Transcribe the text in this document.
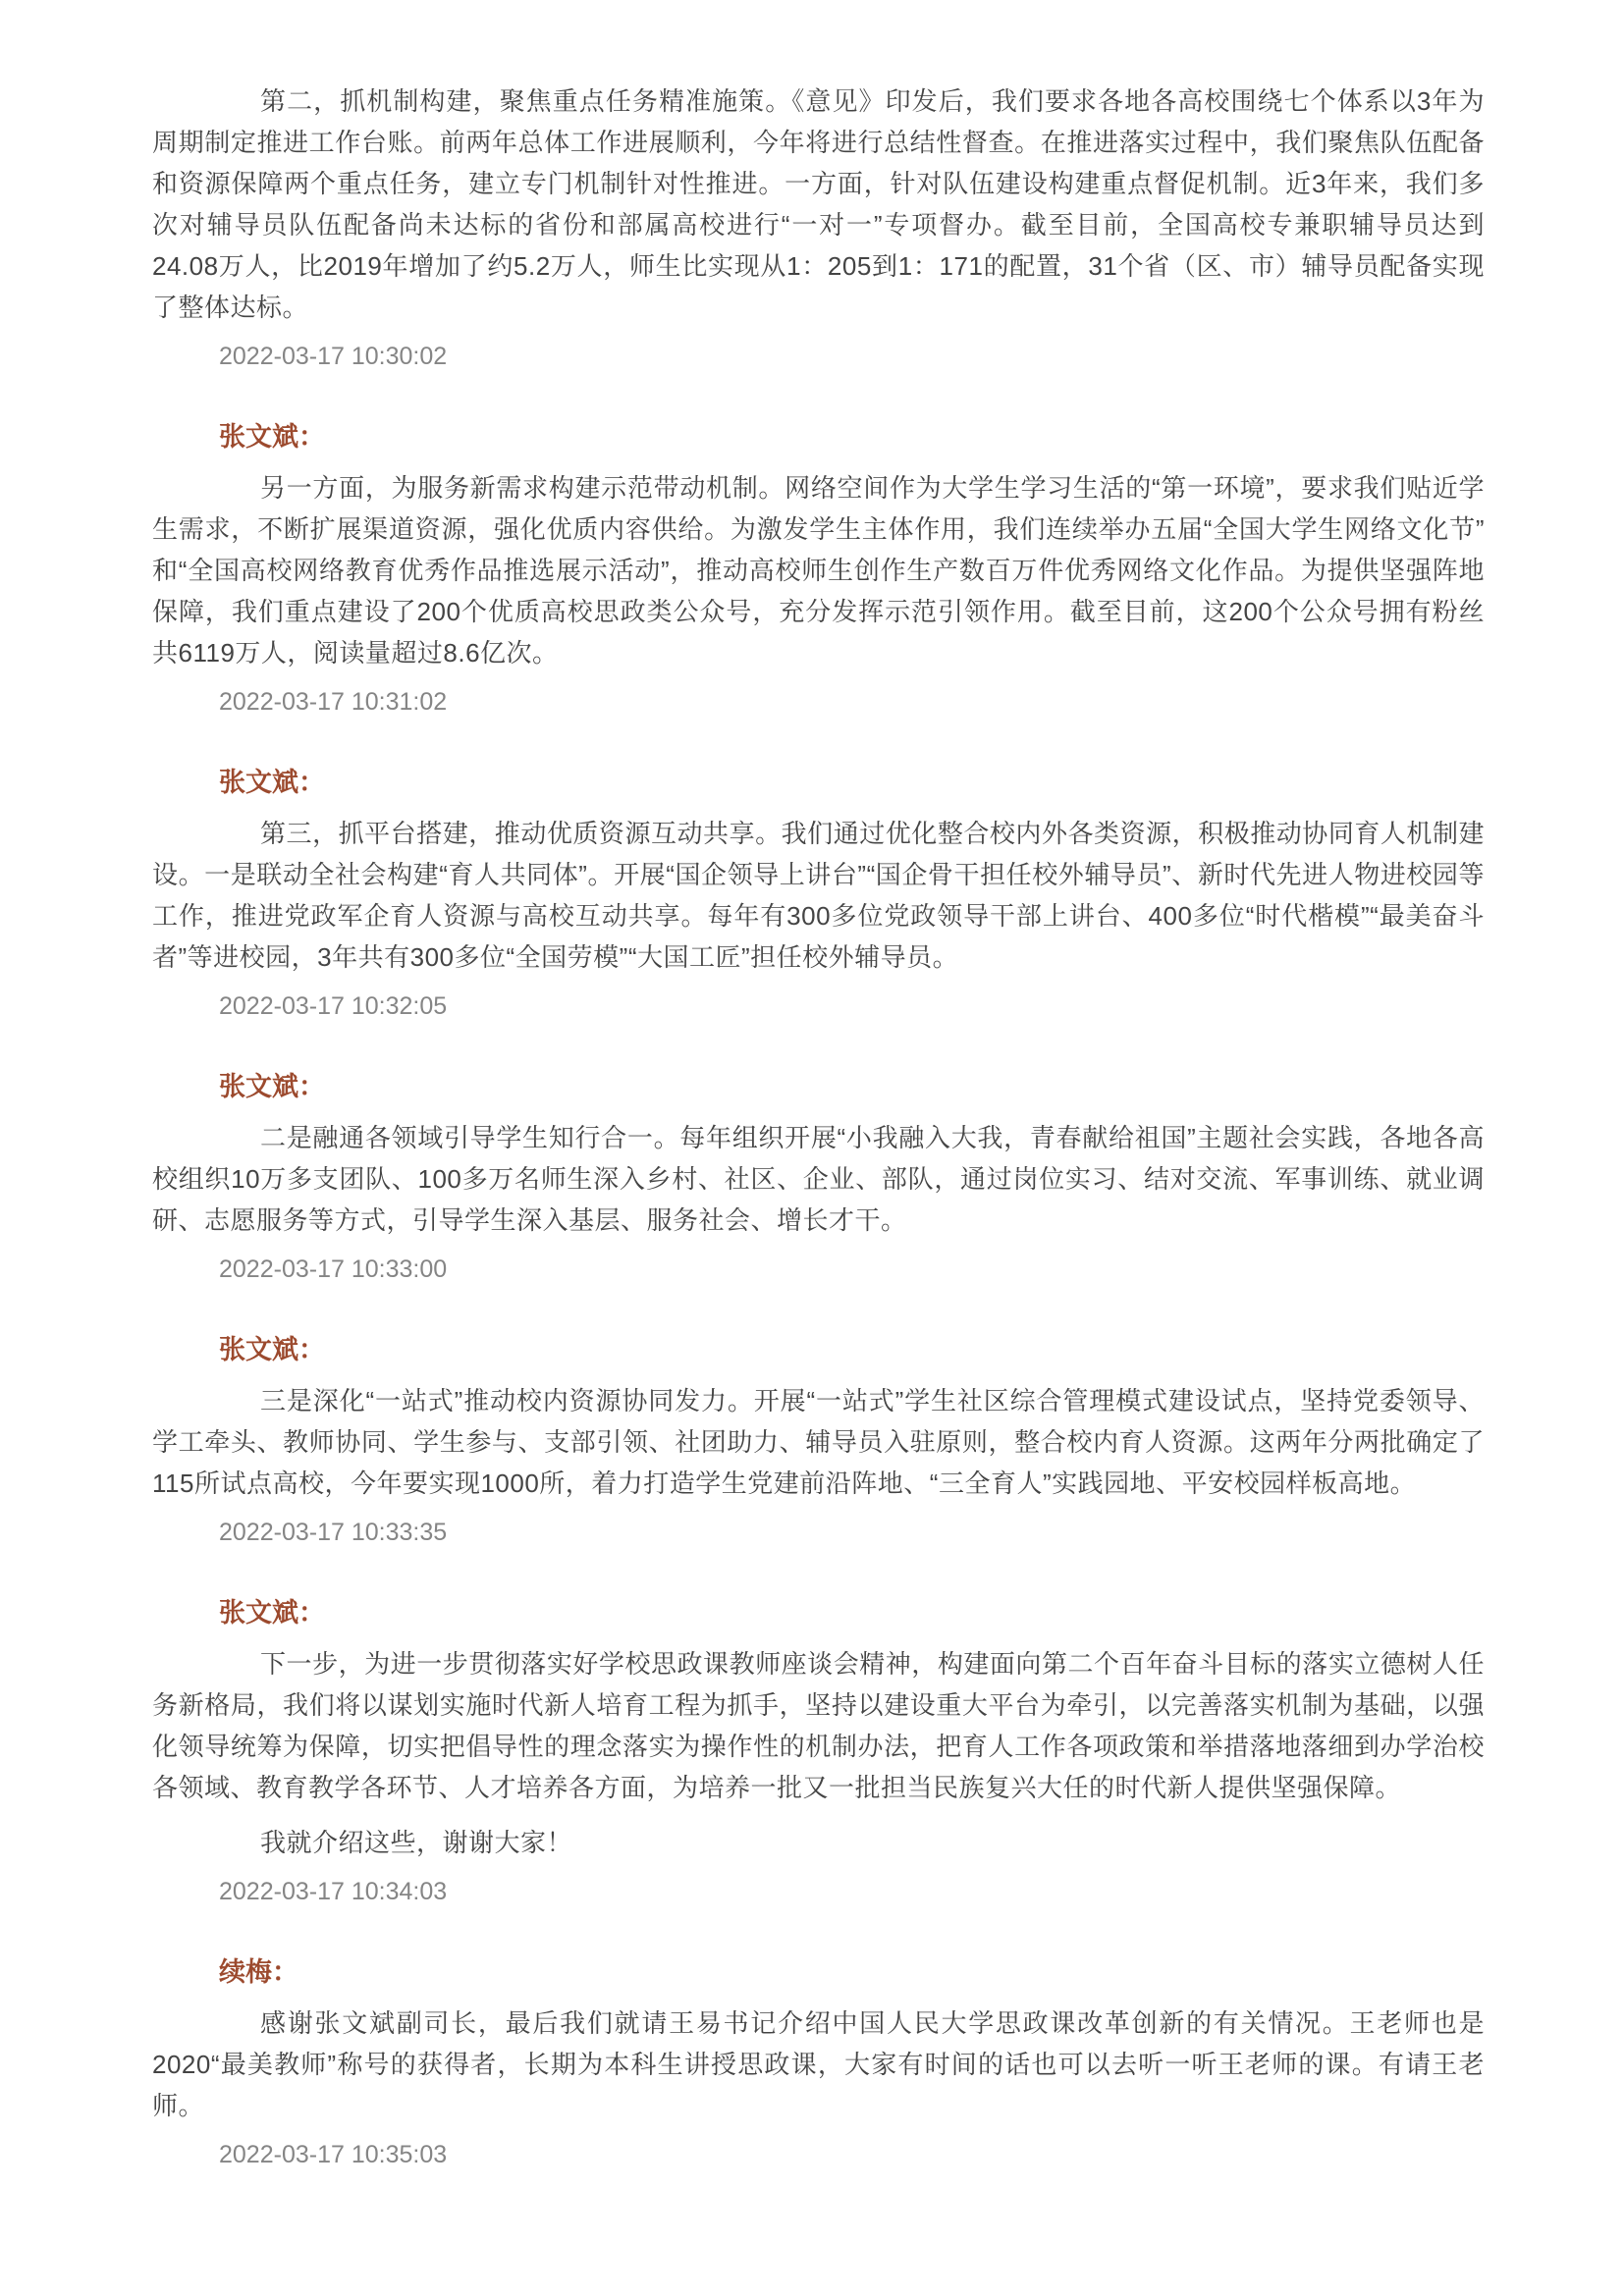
第二，抓机制构建，聚焦重点任务精准施策。《意见》印发后，我们要求各地各高校围绕七个体系以3年为周期制定推进工作台账。前两年总体工作进展顺利，今年将进行总结性督查。在推进落实过程中，我们聚焦队伍配备和资源保障两个重点任务，建立专门机制针对性推进。一方面，针对队伍建设构建重点督促机制。近3年来，我们多次对辅导员队伍配备尚未达标的省份和部属高校进行“一对一”专项督办。截至目前，全国高校专兼职辅导员达到24.08万人，比2019年增加了约5.2万人，师生比实现从1：205到1：171的配置，31个省（区、市）辅导员配备实现了整体达标。

2022-03-17 10:30:02
张文斌：

另一方面，为服务新需求构建示范带动机制。网络空间作为大学生学习生活的“第一环境”，要求我们贴近学生需求，不断扩展渠道资源，强化优质内容供给。为激发学生主体作用，我们连续举办五届“全国大学生网络文化节”和“全国高校网络教育优秀作品推选展示活动”，推动高校师生创作生产数百万件优秀网络文化作品。为提供坚强阵地保障，我们重点建设了200个优质高校思政类公众号，充分发挥示范引领作用。截至目前，这200个公众号拥有粉丝共6119万人，阅读量超过8.6亿次。

2022-03-17 10:31:02
张文斌：

第三，抓平台搭建，推动优质资源互动共享。我们通过优化整合校内外各类资源，积极推动协同育人机制建设。一是联动全社会构建“育人共同体”。开展“国企领导上讲台”“国企骨干担任校外辅导员”、新时代先进人物进校园等工作，推进党政军企育人资源与高校互动共享。每年有300多位党政领导干部上讲台、400多位“时代楷模”“最美奋斗者”等进校园，3年共有300多位“全国劳模”“大国工匠”担任校外辅导员。

2022-03-17 10:32:05
张文斌：

二是融通各领域引导学生知行合一。每年组织开展“小我融入大我，青春献给祖国”主题社会实践，各地各高校组织10万多支团队、100多万名师生深入乡村、社区、企业、部队，通过岗位实习、结对交流、军事训练、就业调研、志愿服务等方式，引导学生深入基层、服务社会、增长才干。

2022-03-17 10:33:00
张文斌：

三是深化“一站式”推动校内资源协同发力。开展“一站式”学生社区综合管理模式建设试点，坚持党委领导、学工牵头、教师协同、学生参与、支部引领、社团助力、辅导员入驻原则，整合校内育人资源。这两年分两批确定了115所试点高校，今年要实现1000所，着力打造学生党建前沿阵地、“三全育人”实践园地、平安校园样板高地。

2022-03-17 10:33:35
张文斌：

下一步，为进一步贯彻落实好学校思政课教师座谈会精神，构建面向第二个百年奋斗目标的落实立德树人任务新格局，我们将以谋划实施时代新人培育工程为抓手，坚持以建设重大平台为牵引，以完善落实机制为基础，以强化领导统筹为保障，切实把倡导性的理念落实为操作性的机制办法，把育人工作各项政策和举措落地落细到办学治校各领域、教育教学各环节、人才培养各方面，为培养一批又一批担当民族复兴大任的时代新人提供坚强保障。

我就介绍这些，谢谢大家！

2022-03-17 10:34:03
续梅：

感谢张文斌副司长，最后我们就请王易书记介绍中国人民大学思政课改革创新的有关情况。王老师也是2020“最美教师”称号的获得者，长期为本科生讲授思政课，大家有时间的话也可以去听一听王老师的课。有请王老师。

2022-03-17 10:35:03
